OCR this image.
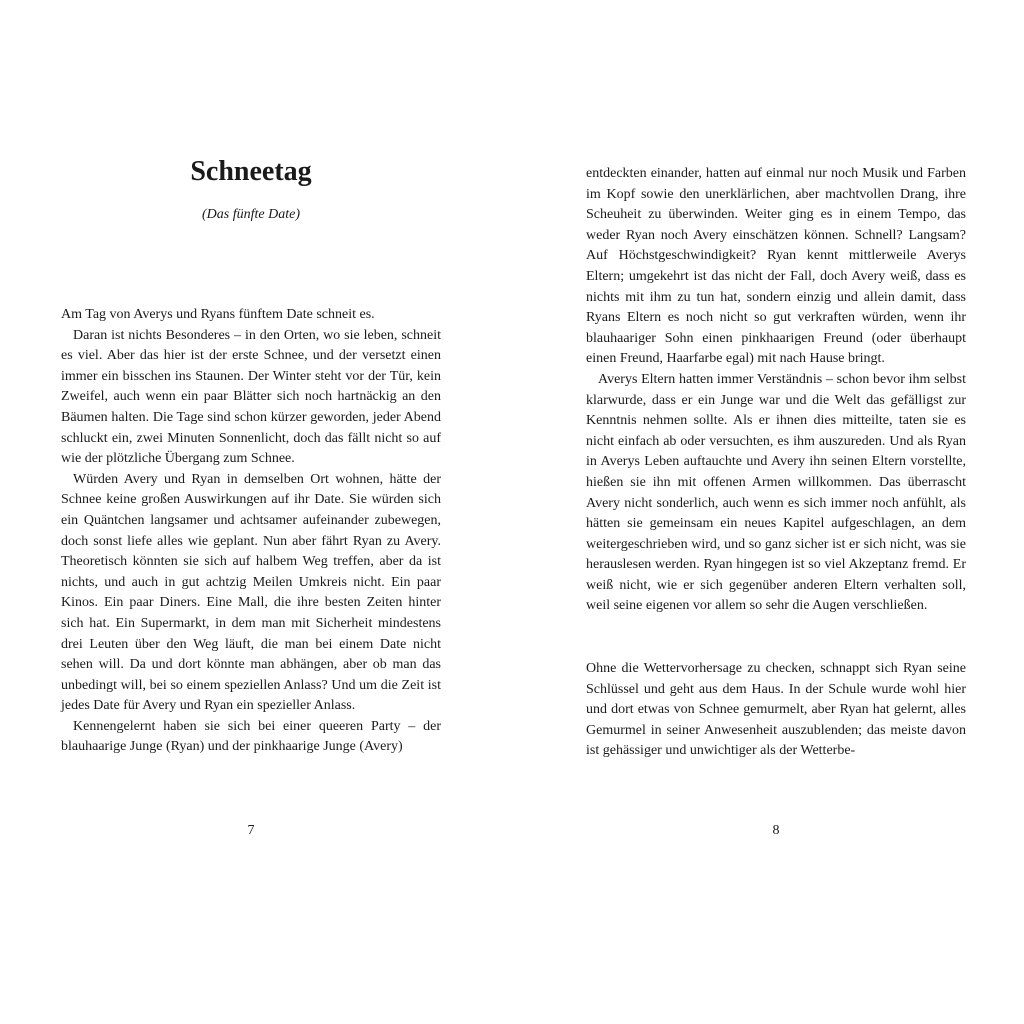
Schneetag
(Das fünfte Date)

Am Tag von Averys und Ryans fünftem Date schneit es.

Daran ist nichts Besonderes – in den Orten, wo sie leben, schneit es viel. Aber das hier ist der erste Schnee, und der versetzt einen immer ein bisschen ins Staunen. Der Winter steht vor der Tür, kein Zweifel, auch wenn ein paar Blätter sich noch hartnäckig an den Bäumen halten. Die Tage sind schon kürzer geworden, jeder Abend schluckt ein, zwei Minuten Sonnenlicht, doch das fällt nicht so auf wie der plötzliche Übergang zum Schnee.

Würden Avery und Ryan in demselben Ort wohnen, hätte der Schnee keine großen Auswirkungen auf ihr Date. Sie würden sich ein Quäntchen langsamer und achtsamer aufeinander zubewegen, doch sonst liefe alles wie geplant. Nun aber fährt Ryan zu Avery. Theoretisch könnten sie sich auf halbem Weg treffen, aber da ist nichts, und auch in gut achtzig Meilen Umkreis nicht. Ein paar Kinos. Ein paar Diners. Eine Mall, die ihre besten Zeiten hinter sich hat. Ein Supermarkt, in dem man mit Sicherheit mindestens drei Leuten über den Weg läuft, die man bei einem Date nicht sehen will. Da und dort könnte man abhängen, aber ob man das unbedingt will, bei so einem speziellen Anlass? Und um die Zeit ist jedes Date für Avery und Ryan ein spezieller Anlass.

Kennengelernt haben sie sich bei einer queeren Party – der blauhaarige Junge (Ryan) und der pinkhaarige Junge (Avery)

7

entdeckten einander, hatten auf einmal nur noch Musik und Farben im Kopf sowie den unerklärlichen, aber machtvollen Drang, ihre Scheuheit zu überwinden. Weiter ging es in einem Tempo, das weder Ryan noch Avery einschätzen können. Schnell? Langsam? Auf Höchstgeschwindigkeit? Ryan kennt mittlerweile Averys Eltern; umgekehrt ist das nicht der Fall, doch Avery weiß, dass es nichts mit ihm zu tun hat, sondern einzig und allein damit, dass Ryans Eltern es noch nicht so gut verkraften würden, wenn ihr blauhaariger Sohn einen pinkhaarigen Freund (oder überhaupt einen Freund, Haarfarbe egal) mit nach Hause bringt.

Averys Eltern hatten immer Verständnis – schon bevor ihm selbst klarwurde, dass er ein Junge war und die Welt das gefälligst zur Kenntnis nehmen sollte. Als er ihnen dies mitteilte, taten sie es nicht einfach ab oder versuchten, es ihm auszureden. Und als Ryan in Averys Leben auftauchte und Avery ihn seinen Eltern vorstellte, hießen sie ihn mit offenen Armen willkommen. Das überrascht Avery nicht sonderlich, auch wenn es sich immer noch anfühlt, als hätten sie gemeinsam ein neues Kapitel aufgeschlagen, an dem weitergeschrieben wird, und so ganz sicher ist er sich nicht, was sie herauslesen werden. Ryan hingegen ist so viel Akzeptanz fremd. Er weiß nicht, wie er sich gegenüber anderen Eltern verhalten soll, weil seine eigenen vor allem so sehr die Augen verschließen.

Ohne die Wettervorhersage zu checken, schnappt sich Ryan seine Schlüssel und geht aus dem Haus. In der Schule wurde wohl hier und dort etwas von Schnee gemurmelt, aber Ryan hat gelernt, alles Gemurmel in seiner Anwesenheit auszublenden; das meiste davon ist gehässiger und unwichtiger als der Wetterbe-

8
